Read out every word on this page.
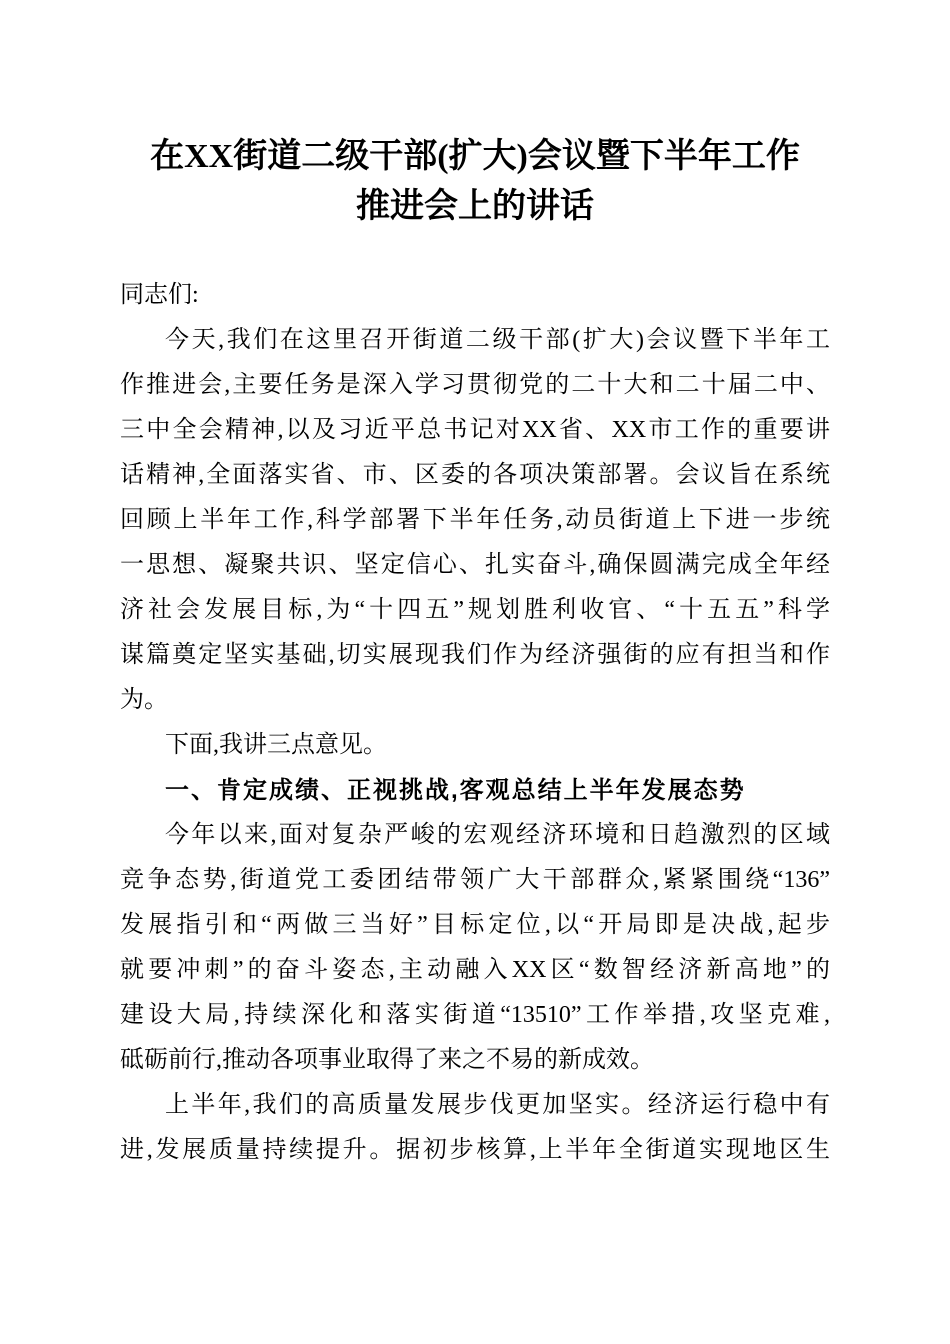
在XX街道二级干部(扩大)会议暨下半年工作
推进会上的讲话
同志们:
今天,我们在这里召开街道二级干部(扩大)会议暨下半年工
作推进会,主要任务是深入学习贯彻党的二十大和二十届二中、
三中全会精神,以及习近平总书记对XX省、XX市工作的重要讲
话精神,全面落实省、市、区委的各项决策部署。会议旨在系统
回顾上半年工作,科学部署下半年任务,动员街道上下进一步统
一思想、凝聚共识、坚定信心、扎实奋斗,确保圆满完成全年经
济社会发展目标,为“十四五”规划胜利收官、“十五五”科学
谋篇奠定坚实基础,切实展现我们作为经济强街的应有担当和作
为。
下面,我讲三点意见。
一、肯定成绩、正视挑战,客观总结上半年发展态势
今年以来,面对复杂严峻的宏观经济环境和日趋激烈的区域
竞争态势,街道党工委团结带领广大干部群众,紧紧围绕“136”
发展指引和“两做三当好”目标定位,以“开局即是决战,起步
就要冲刺”的奋斗姿态,主动融入XX区“数智经济新高地”的
建设大局,持续深化和落实街道“13510”工作举措,攻坚克难,
砥砺前行,推动各项事业取得了来之不易的新成效。
上半年,我们的高质量发展步伐更加坚实。经济运行稳中有
进,发展质量持续提升。据初步核算,上半年全街道实现地区生
